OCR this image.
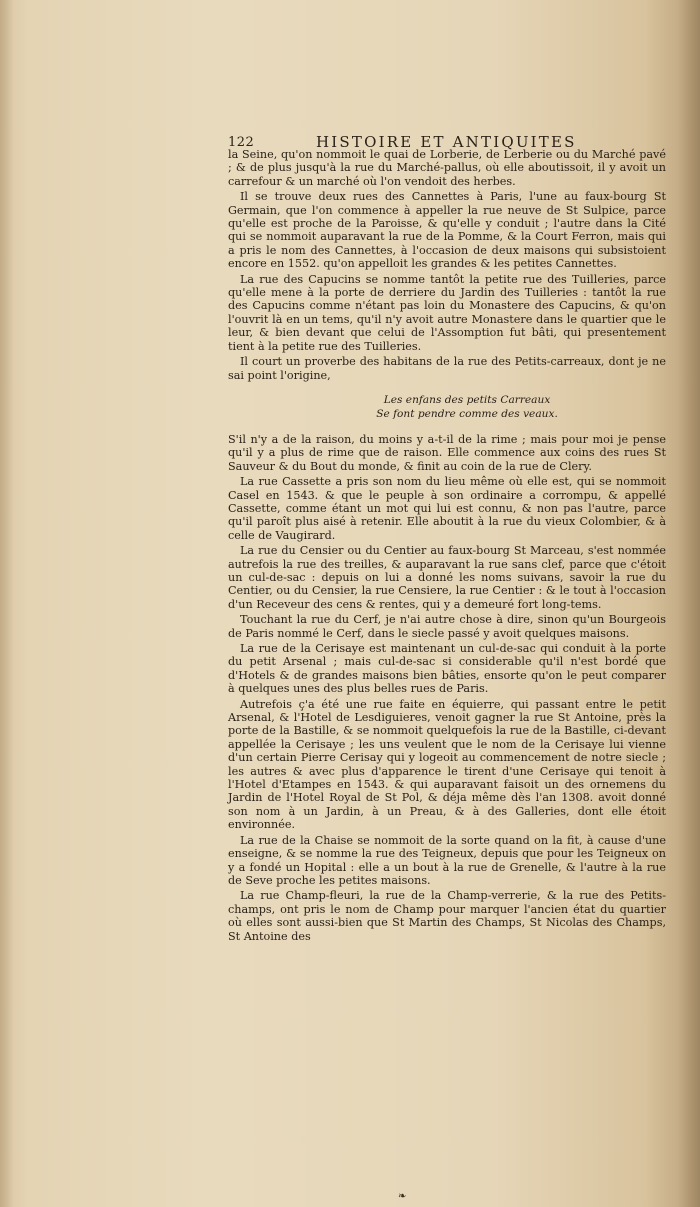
122	HISTOIRE ET ANTIQUITES

la Seine, qu'on nommoit le quai de Lorberie, de Lerberie ou du Marché pavé ; & de plus jusqu'à la rue du Marché-pallus, où elle aboutissoit, il y avoit un carrefour & un marché où l'on vendoit des herbes.

Il se trouve deux rues des Cannettes à Paris, l'une au faux-bourg St Germain, que l'on commence à appeller la rue neuve de St Sulpice, parce qu'elle est proche de la Paroisse, & qu'elle y conduit ; l'autre dans la Cité qui se nommoit auparavant la rue de la Pomme, & la Court Ferron, mais qui a pris le nom des Cannettes, à l'occasion de deux maisons qui subsistoient encore en 1552. qu'on appelloit les grandes & les petites Cannettes.

La rue des Capucins se nomme tantôt la petite rue des Tuilleries, parce qu'elle mene à la porte de derriere du Jardin des Tuilleries : tantôt la rue des Capucins comme n'étant pas loin du Monastere des Capucins, & qu'on l'ouvrit là en un tems, qu'il n'y avoit autre Monastere dans le quartier que le leur, & bien devant que celui de l'Assomption fut bâti, qui presentement tient à la petite rue des Tuilleries.

Il court un proverbe des habitans de la rue des Petits-carreaux, dont je ne sai point l'origine,

Les enfans des petits Carreaux
Se font pendre comme des veaux.

S'il n'y a de la raison, du moins y a-t-il de la rime ; mais pour moi je pense qu'il y a plus de rime que de raison. Elle commence aux coins des rues St Sauveur & du Bout du monde, & finit au coin de la rue de Clery.

La rue Cassette a pris son nom du lieu même où elle est, qui se nommoit Casel en 1543. & que le peuple à son ordinaire a corrompu, & appellé Cassette, comme étant un mot qui lui est connu, & non pas l'autre, parce qu'il paroît plus aisé à retenir. Elle aboutit à la rue du vieux Colombier, & à celle de Vaugirard.

La rue du Censier ou du Centier au faux-bourg St Marceau, s'est nommée autrefois la rue des treilles, & auparavant la rue sans clef, parce que c'étoit un cul-de-sac : depuis on lui a donné les noms suivans, savoir la rue du Centier, ou du Censier, la rue Censiere, la rue Centier : & le tout à l'occasion d'un Receveur des cens & rentes, qui y a demeuré fort long-tems.

Touchant la rue du Cerf, je n'ai autre chose à dire, sinon qu'un Bourgeois de Paris nommé le Cerf, dans le siecle passé y avoit quelques maisons.

La rue de la Cerisaye est maintenant un cul-de-sac qui conduit à la porte du petit Arsenal ; mais cul-de-sac si considerable qu'il n'est bordé que d'Hotels & de grandes maisons bien bâties, ensorte qu'on le peut comparer à quelques unes des plus belles rues de Paris.

Autrefois ç'a été une rue faite en équierre, qui passant entre le petit Arsenal, & l'Hotel de Lesdiguieres, venoit gagner la rue St Antoine, près la porte de la Bastille, & se nommoit quelquefois la rue de la Bastille, ci-devant appellée la Cerisaye ; les uns veulent que le nom de la Cerisaye lui vienne d'un certain Pierre Cerisay qui y logeoit au commencement de notre siecle ; les autres & avec plus d'apparence le tirent d'une Cerisaye qui tenoit à l'Hotel d'Etampes en 1543. & qui auparavant faisoit un des ornemens du Jardin de l'Hotel Royal de St Pol, & déja même dès l'an 1308. avoit donné son nom à un Jardin, à un Preau, & à des Galleries, dont elle étoit environnée.

La rue de la Chaise se nommoit de la sorte quand on la fit, à cause d'une enseigne, & se nomme la rue des Teigneux, depuis que pour les Teigneux on y a fondé un Hopital : elle a un bout à la rue de Grenelle, & l'autre à la rue de Seve proche les petites maisons.

La rue Champ-fleuri, la rue de la Champ-verrerie, & la rue des Petits-champs, ont pris le nom de Champ pour marquer l'ancien état du quartier où elles sont aussi-bien que St Martin des Champs, St Nicolas des Champs, St Antoine des

❧
